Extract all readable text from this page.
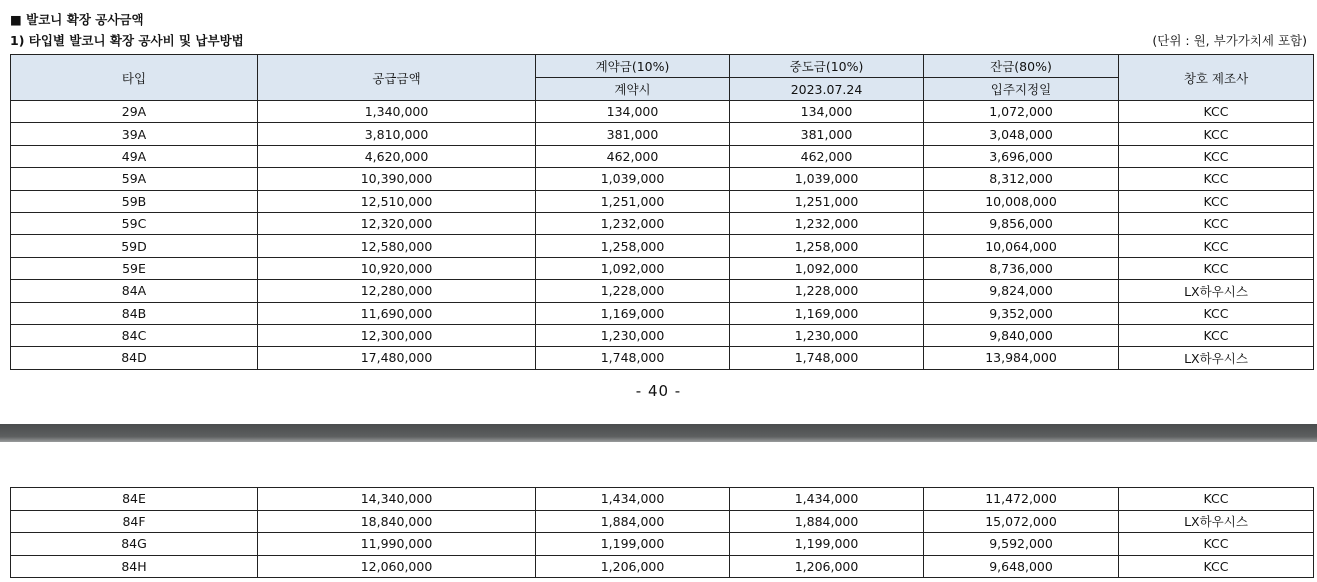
■ 발코니 확장 공사금액
1) 타입별 발코니 확장 공사비 및 납부방법	(단위 : 원, 부가가치세 포함)
타입	공급금액	계약금(10%)	중도금(10%)	잔금(80%)	창호 제조사
		계약시	2023.07.24	입주지정일	
29A	1,340,000	134,000	134,000	1,072,000	KCC
39A	3,810,000	381,000	381,000	3,048,000	KCC
49A	4,620,000	462,000	462,000	3,696,000	KCC
59A	10,390,000	1,039,000	1,039,000	8,312,000	KCC
59B	12,510,000	1,251,000	1,251,000	10,008,000	KCC
59C	12,320,000	1,232,000	1,232,000	9,856,000	KCC
59D	12,580,000	1,258,000	1,258,000	10,064,000	KCC
59E	10,920,000	1,092,000	1,092,000	8,736,000	KCC
84A	12,280,000	1,228,000	1,228,000	9,824,000	LX하우시스
84B	11,690,000	1,169,000	1,169,000	9,352,000	KCC
84C	12,300,000	1,230,000	1,230,000	9,840,000	KCC
84D	17,480,000	1,748,000	1,748,000	13,984,000	LX하우시스
- 40 -
84E	14,340,000	1,434,000	1,434,000	11,472,000	KCC
84F	18,840,000	1,884,000	1,884,000	15,072,000	LX하우시스
84G	11,990,000	1,199,000	1,199,000	9,592,000	KCC
84H	12,060,000	1,206,000	1,206,000	9,648,000	KCC
